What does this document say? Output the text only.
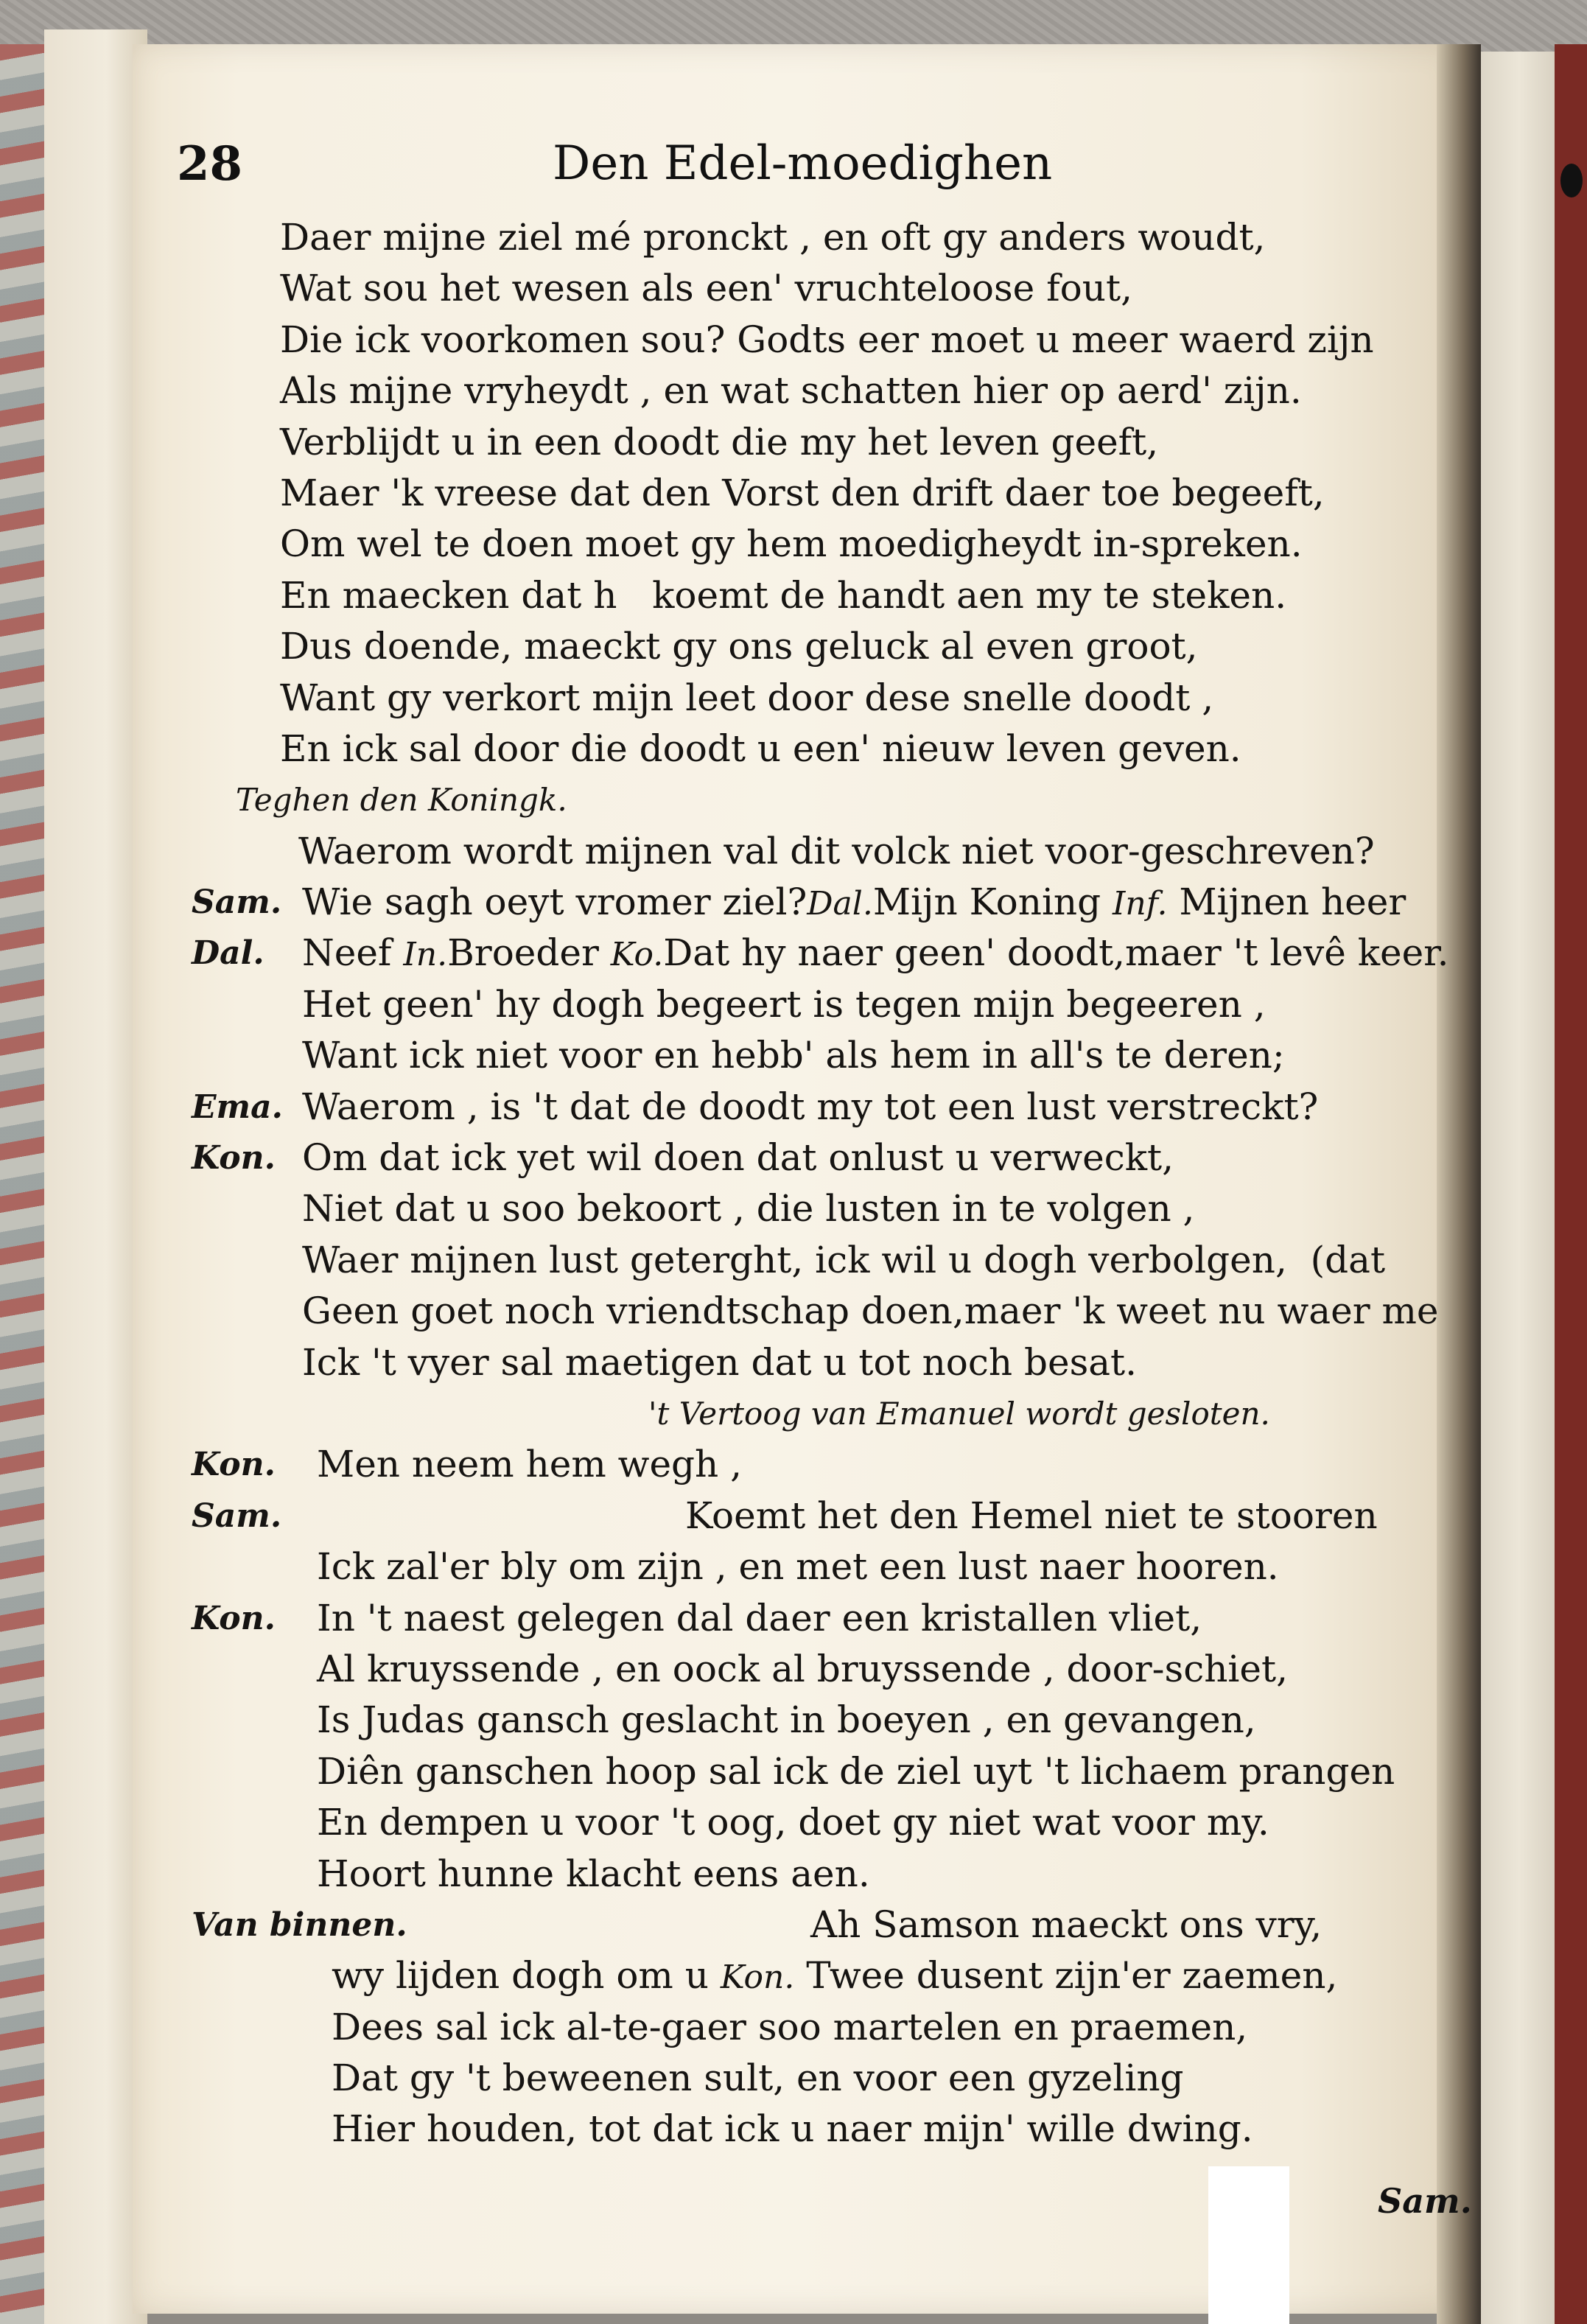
28	Den Edel-moedighen
Daer mijne ziel mé pronckt , en oft gy anders woudt,
Wat sou het wesen als een' vruchteloose fout,
Die ick voorkomen sou? Godts eer moet u meer waerd zijn
Als mijne vryheydt , en wat schatten hier op aerd' zijn.
Verblijdt u in een doodt die my het leven geeft,
Maer 'k vreese dat den Vorst den drift daer toe begeeft,
Om wel te doen moet gy hem moedigheydt in-spreken.
En maecken dat h   koemt de handt aen my te steken.
Dus doende, maeckt gy ons geluck al even groot,
Want gy verkort mijn leet door dese snelle doodt ,
En ick sal door die doodt u een' nieuw leven geven.
Teghen den Koningk.
Waerom wordt mijnen val dit volck niet voor-geschreven?
Sam. Wie sagh oeyt vromer ziel?Dal.Mijn Koning Inf. Mijnen heer
Dal. Neef In.Broeder Ko.Dat hy naer geen' doodt,maer 't levê keer.
Het geen' hy dogh begeert is tegen mijn begeeren ,
Want ick niet voor en hebb' als hem in all's te deren;
Ema. Waerom , is 't dat de doodt my tot een lust verstreckt?
Kon. Om dat ick yet wil doen dat onlust u verweckt,
Niet dat u soo bekoort , die lusten in te volgen ,
Waer mijnen lust geterght, ick wil u dogh verbolgen,  (dat
Geen goet noch vriendtschap doen,maer 'k weet nu waer me
Ick 't vyer sal maetigen dat u tot noch besat.
't Vertoog van Emanuel wordt gesloten.
Kon. Men neem hem wegh ,
Sam.	Koemt het den Hemel niet te stooren
Ick zal'er bly om zijn , en met een lust naer hooren.
Kon. In 't naest gelegen dal daer een kristallen vliet,
Al kruyssende , en oock al bruyssende , door-schiet,
Is Judas gansch geslacht in boeyen , en gevangen,
Diên ganschen hoop sal ick de ziel uyt 't lichaem prangen
En dempen u voor 't oog, doet gy niet wat voor my.
Hoort hunne klacht eens aen.
Van binnen.	Ah Samson maeckt ons vry,
wy lijden dogh om u Kon. Twee dusent zijn'er zaemen,
Dees sal ick al-te-gaer soo martelen en praemen,
Dat gy 't beweenen sult, en voor een gyzeling
Hier houden, tot dat ick u naer mijn' wille dwing.
Sam.
